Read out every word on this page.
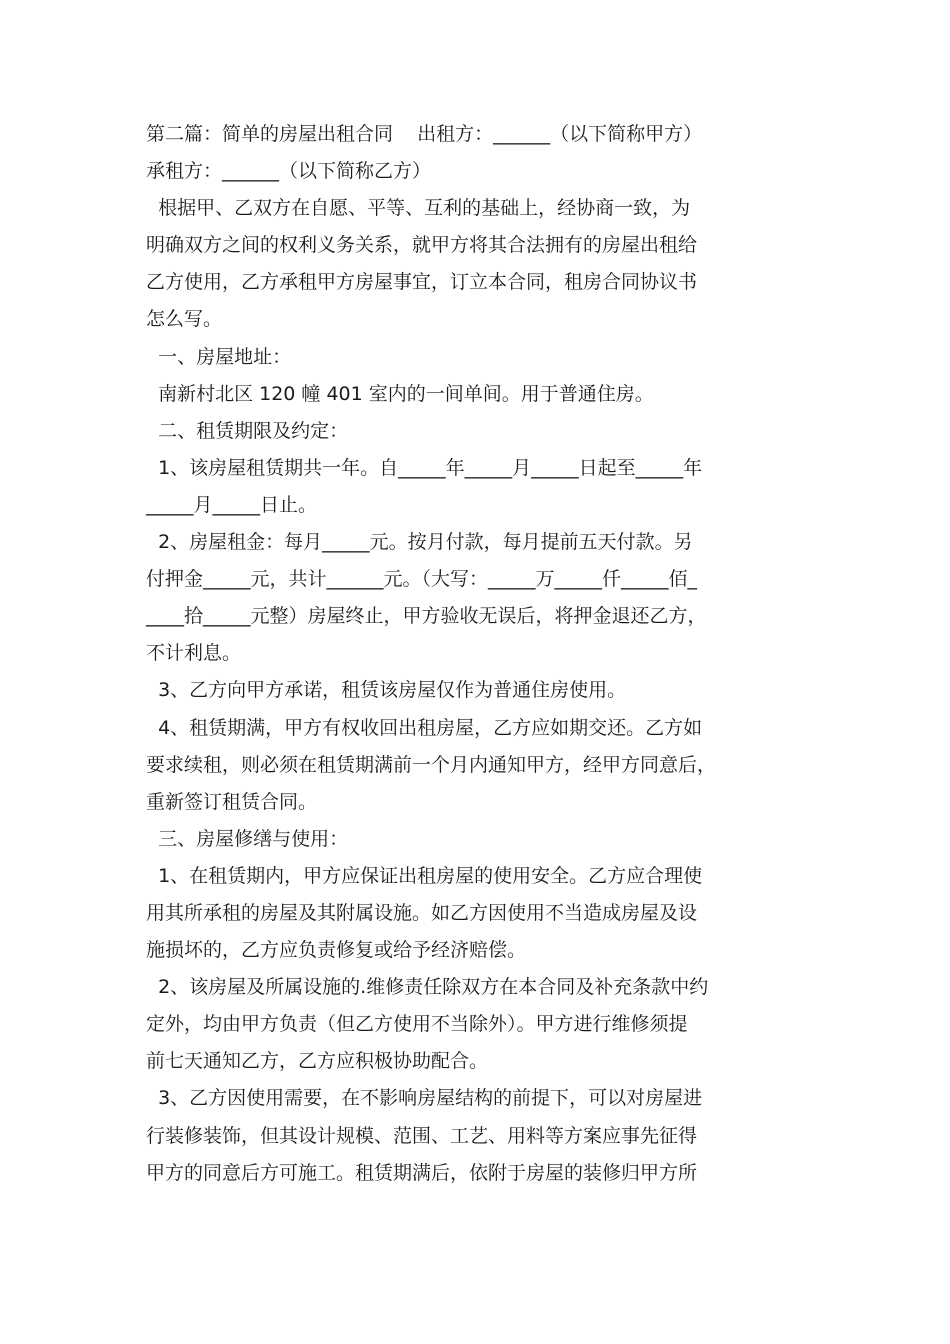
第二篇：简单的房屋出租合同    出租方：______（以下简称甲方）
承租方：______（以下简称乙方）
根据甲、乙双方在自愿、平等、互利的基础上，经协商一致，为
明确双方之间的权利义务关系，就甲方将其合法拥有的房屋出租给
乙方使用，乙方承租甲方房屋事宜，订立本合同，租房合同协议书
怎么写。
一、房屋地址：
南新村北区 120 幢 401 室内的一间单间。用于普通住房。
二、租赁期限及约定：
1、该房屋租赁期共一年。自_____年_____月_____日起至_____年
_____月_____日止。
2、房屋租金：每月_____元。按月付款，每月提前五天付款。另
付押金_____元，共计______元。（大写：_____万_____仟_____佰_
____拾_____元整）房屋终止，甲方验收无误后，将押金退还乙方，
不计利息。
3、乙方向甲方承诺，租赁该房屋仅作为普通住房使用。
4、租赁期满，甲方有权收回出租房屋，乙方应如期交还。乙方如
要求续租，则必须在租赁期满前一个月内通知甲方，经甲方同意后，
重新签订租赁合同。
三、房屋修缮与使用：
1、在租赁期内，甲方应保证出租房屋的使用安全。乙方应合理使
用其所承租的房屋及其附属设施。如乙方因使用不当造成房屋及设
施损坏的，乙方应负责修复或给予经济赔偿。
2、该房屋及所属设施的.维修责任除双方在本合同及补充条款中约
定外，均由甲方负责（但乙方使用不当除外）。甲方进行维修须提
前七天通知乙方，乙方应积极协助配合。
3、乙方因使用需要，在不影响房屋结构的前提下，可以对房屋进
行装修装饰，但其设计规模、范围、工艺、用料等方案应事先征得
甲方的同意后方可施工。租赁期满后，依附于房屋的装修归甲方所
